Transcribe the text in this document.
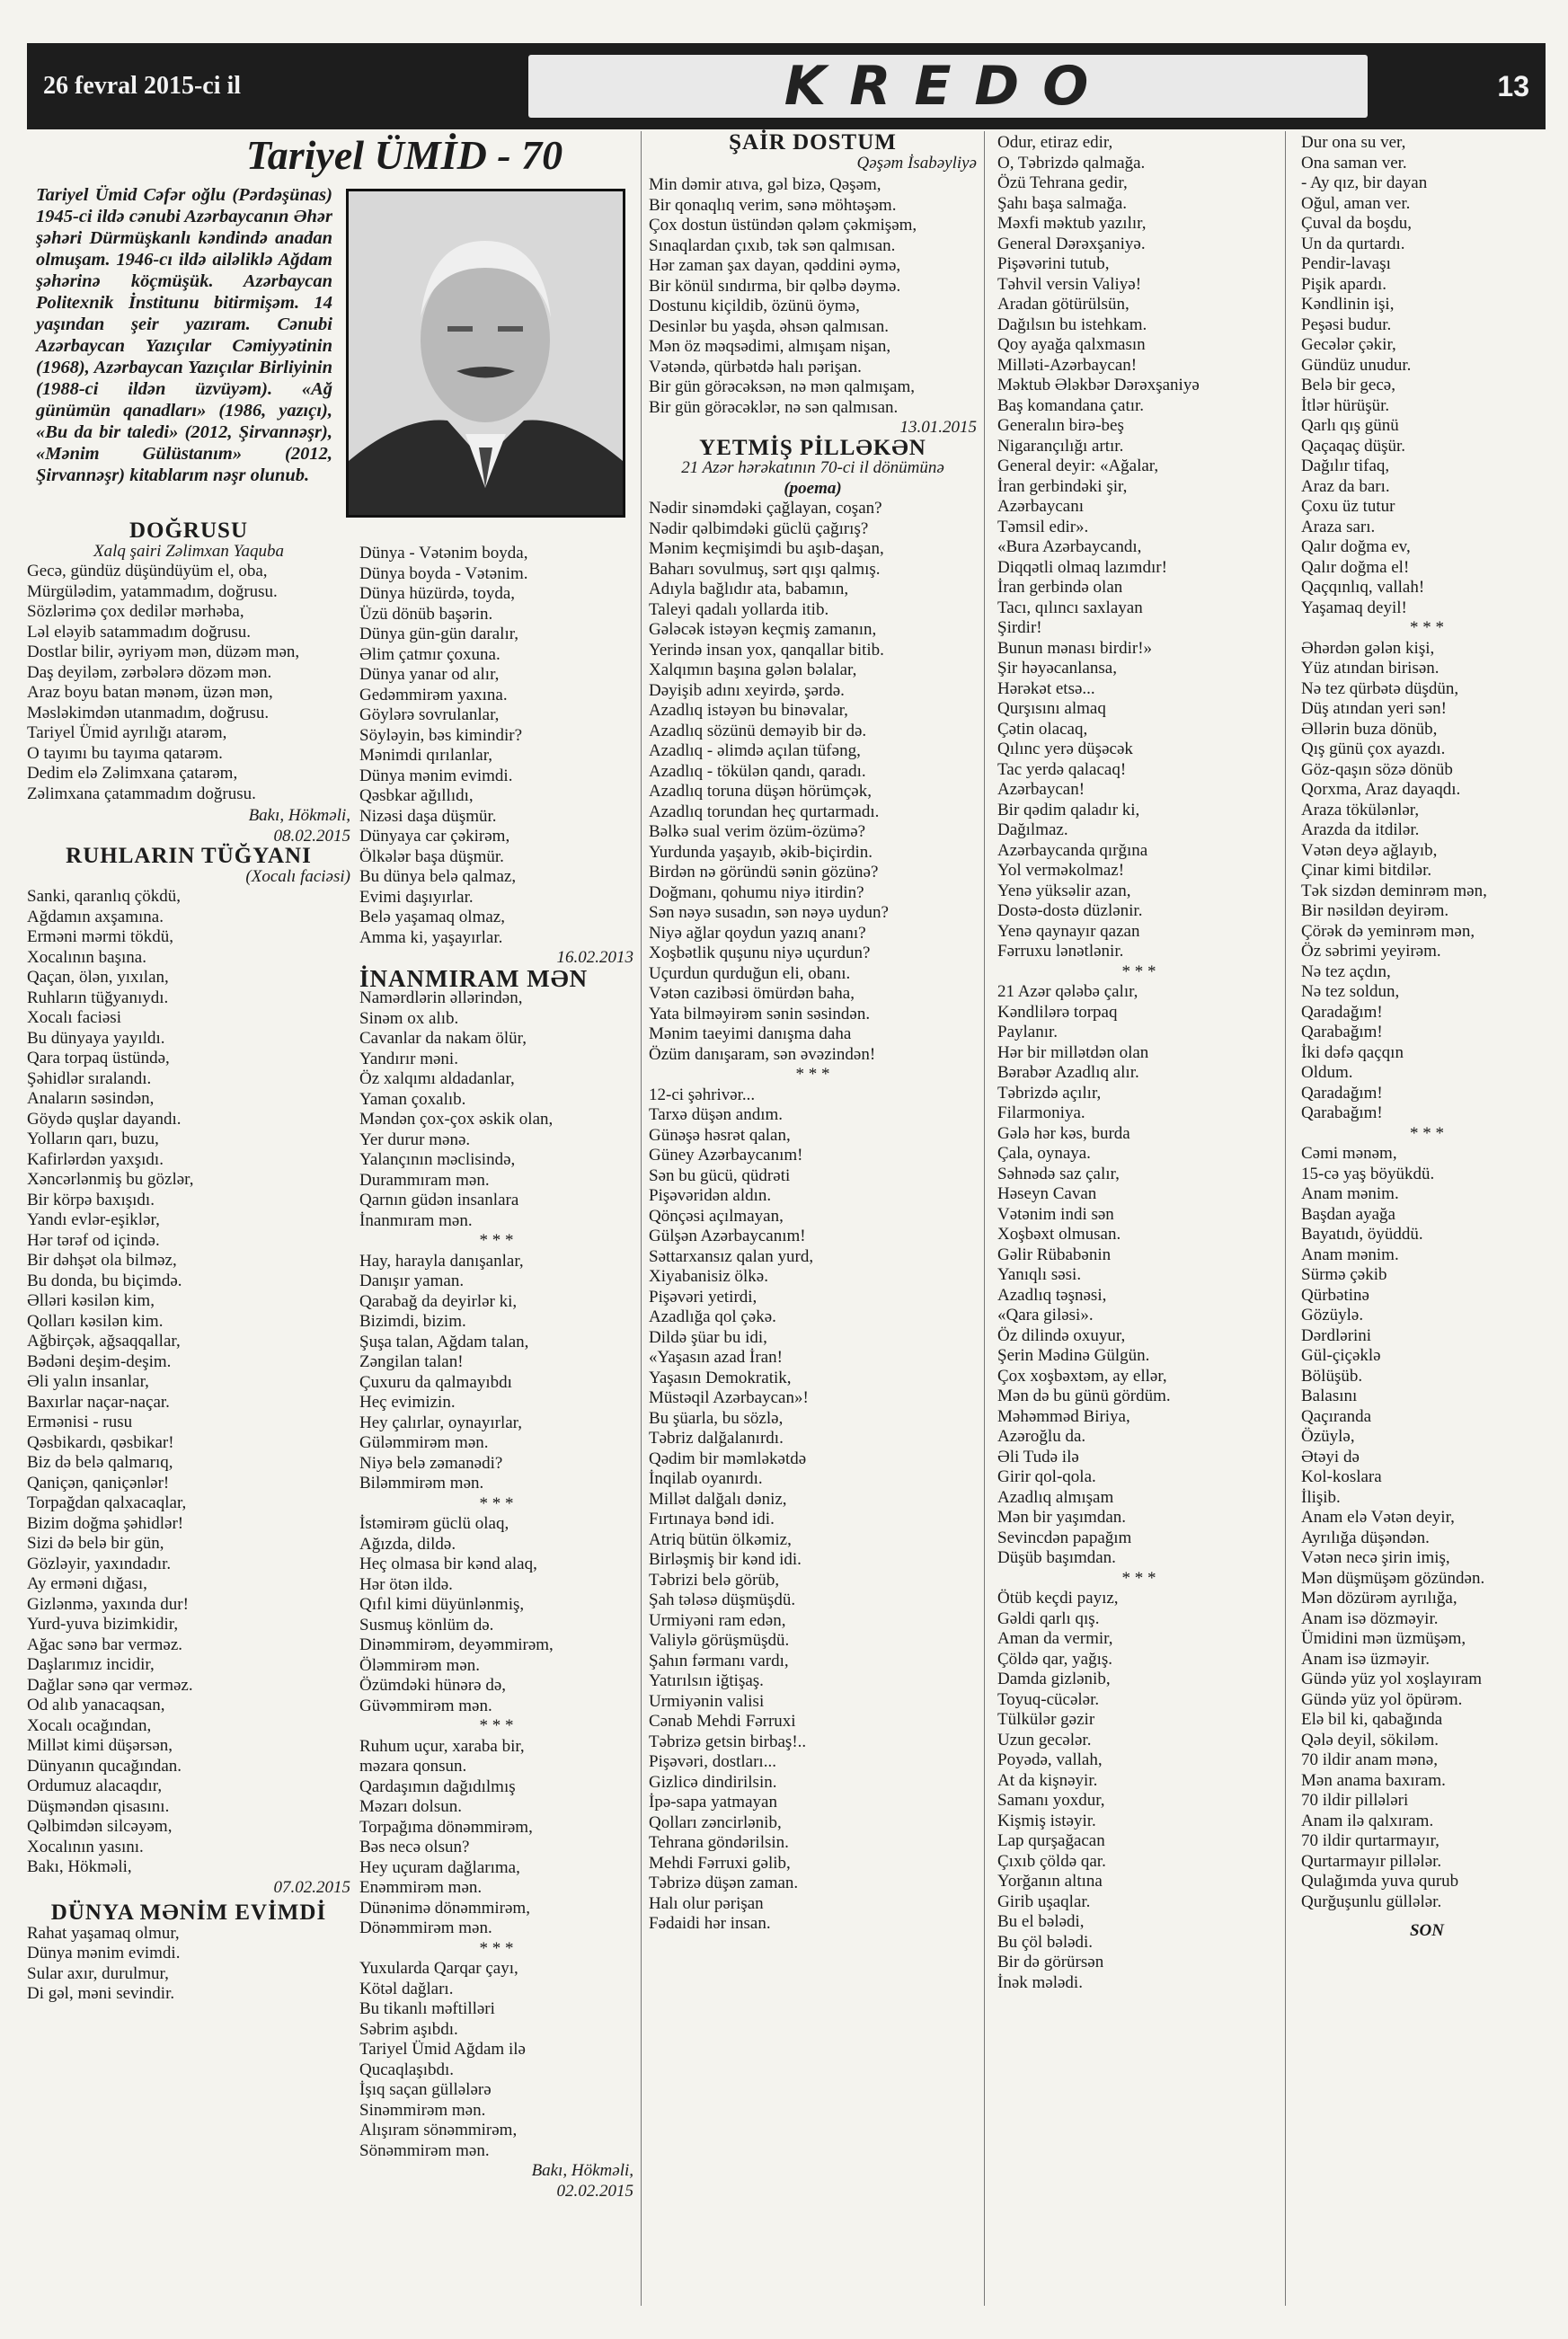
26 fevral 2015-ci il	KREDO	13
Tariyel ÜMİD - 70
Tariyel Ümid Cəfər oğlu (Pərdəşünas) 1945-ci ildə cənubi Azərbaycanın Əhər şəhəri Dürmüşkanlı kəndində anadan olmuşam. 1946-cı ildə ailəliklə Ağdam şəhərinə köçmüşük. Azərbaycan Politexnik İnstitunu bitirmişəm. 14 yaşından şeir yazıram. Cənubi Azərbaycan Yazıçılar Cəmiyyətinin (1968), Azərbaycan Yazıçılar Birliyinin (1988-ci ildən üzvüyəm). «Ağ günümün qanadları» (1986, yazıçı), «Bu da bir taledi» (2012, Şirvannəşr), «Mənim Gülüstanım» (2012, Şirvannəşr) kitablarım nəşr olunub.

DOĞRUSU

Xalq şairi Zəlimxan Yaquba

Gecə, gündüz düşündüyüm el, oba,
Mürgülədim, yatammadım, doğrusu.
Sözlərimə çox dedilər mərhəba,
Ləl eləyib satammadım doğrusu.

Dostlar bilir, əyriyəm mən, düzəm mən,
Daş deyiləm, zərbələrə dözəm mən.
Araz boyu batan mənəm, üzən mən,
Məsləkimdən utanmadım, doğrusu.

Tariyel Ümid ayrılığı atarəm,
O tayımı bu tayıma qatarəm.
Dedim elə Zəlimxana çatarəm,
Zəlimxana çatammadım doğrusu.

Bakı, Hökməli,
08.02.2015

RUHLARIN TÜĞYANI

(Xocalı faciəsi)

Sanki, qaranlıq çökdü,
Ağdamın axşamına.
Erməni mərmi tökdü,
Xocalının başına.

Qaçan, ölən, yıxılan,
Ruhların tüğyanıydı.
Xocalı faciəsi
Bu dünyaya yayıldı.

Qara torpaq üstündə,
Şəhidlər sıralandı.
Anaların səsindən,
Göydə quşlar dayandı.

Yolların qarı, buzu,
Kafirlərdən yaxşıdı.
Xəncərlənmiş bu gözlər,
Bir körpə baxışıdı.

Yandı evlər-eşiklər,
Hər tərəf od içində.
Bir dəhşət ola bilməz,
Bu donda, bu biçimdə.

Əlləri kəsilən kim,
Qolları kəsilən kim.
Ağbirçək, ağsaqqallar,
Bədəni deşim-deşim.

Əli yalın insanlar,
Baxırlar naçar-naçar.
Ermənisi - rusu
Qəsbikardı, qəsbikar!

Biz də belə qalmarıq,
Qaniçən, qaniçənlər!
Torpağdan qalxacaqlar,
Bizim doğma şəhidlər!

Sizi də belə bir gün,
Gözləyir, yaxındadır.
Ay erməni dığası,
Gizlənmə, yaxında dur!

Yurd-yuva bizimkidir,
Ağac sənə bar verməz.
Daşlarımız incidir,
Dağlar sənə qar verməz.

Od alıb yanacaqsan,
Xocalı ocağından,
Millət kimi düşərsən,
Dünyanın qucağından.

Ordumuz alacaqdır,
Düşməndən qisasını.
Qəlbimdən silcəyəm,
Xocalının yasını.
Bakı, Hökməli,

07.02.2015

DÜNYA MƏNİM EVİMDİ

Rahat yaşamaq olmur,
Dünya mənim evimdi.
Sular axır, durulmur,
Di gəl, məni sevindir.

Dünya - Vətənim boyda,
Dünya boyda - Vətənim.
Dünya hüzürdə, toyda,
Üzü dönüb başərin.

Dünya gün-gün daralır,
Əlim çatmır çoxuna.
Dünya yanar od alır,
Gedəmmirəm yaxına.

Göylərə sovrulanlar,
Söyləyin, bəs kimindir?
Mənimdi qırılanlar,
Dünya mənim evimdi.

Qəsbkar ağıllıdı,
Nizəsi daşa düşmür.
Dünyaya car çəkirəm,
Ölkələr başa düşmür.

Bu dünya belə qalmaz,
Evimi daşıyırlar.
Belə yaşamaq olmaz,
Amma ki, yaşayırlar.

16.02.2013

İNANMIRAM MƏN

Namərdlərin əllərindən,
Sinəm ox alıb.
Cavanlar da nakam ölür,
Yandırır məni.
Öz xalqımı aldadanlar,
Yaman çoxalıb.
Məndən çox-çox əskik olan,
Yer durur mənə.
Yalançının məclisində,
Durammıram mən.
Qarnın güdən insanlara
İnanmıram mən.

* * *

Hay, harayla danışanlar,
Danışır yaman.
Qarabağ da deyirlər ki,
Bizimdi, bizim.
Şuşa talan, Ağdam talan,
Zəngilan talan!
Çuxuru da qalmayıbdı
Heç evimizin.
Hey çalırlar, oynayırlar,
Güləmmirəm mən.
Niyə belə zəmanədi?
Biləmmirəm mən.

* * *

İstəmirəm güclü olaq,
Ağızda, dildə.
Heç olmasa bir kənd alaq,
Hər ötən ildə.
Qıfıl kimi düyünlənmiş,
Susmuş könlüm də.
Dinəmmirəm, deyəmmirəm,
Öləmmirəm mən.
Özümdəki hünərə də,
Güvəmmirəm mən.

* * *

Ruhum uçur, xaraba bir,
məzara qonsun.
Qardaşımın dağıdılmış
Məzarı dolsun.
Torpağıma dönəmmirəm,
Bəs necə olsun?
Hey uçuram dağlarıma,
Enəmmirəm mən.
Dünənimə dönəmmirəm,
Dönəmmirəm mən.

* * *

Yuxularda Qarqar çayı,
Kötəl dağları.
Bu tikanlı məftilləri
Səbrim aşıbdı.
Tariyel Ümid Ağdam ilə
Qucaqlaşıbdı.
İşıq saçan güllələrə
Sinəmmirəm mən.
Alışıram sönəmmirəm,
Sönəmmirəm mən.

Bakı, Hökməli,
02.02.2015

ŞAİR DOSTUM

Qəşəm İsabəyliyə

Min dəmir atıva, gəl bizə, Qəşəm,
Bir qonaqlıq verim, sənə möhtəşəm.
Çox dostun üstündən qələm çəkmişəm,
Sınaqlardan çıxıb, tək sən qalmısan.

Hər zaman şax dayan, qəddini əymə,
Bir könül sındırma, bir qəlbə dəymə.
Dostunu kiçildib, özünü öymə,
Desinlər bu yaşda, əhsən qalmısan.

Mən öz məqsədimi, almışam nişan,
Vətəndə, qürbətdə halı pərişan.
Bir gün görəcəksən, nə mən qalmışam,
Bir gün görəcəklər, nə sən qalmısan.

13.01.2015

YETMİŞ PİLLƏKƏN

21 Azər hərəkatının 70-ci il dönümünə

(poema)

Nədir sinəmdəki çağlayan, coşan?
Nədir qəlbimdəki güclü çağırış?
Mənim keçmişimdi bu aşıb-daşan,
Baharı sovulmuş, sərt qışı qalmış.

Adıyla bağlıdır ata, babamın,
Taleyi qadalı yollarda itib.
Gələcək istəyən keçmiş zamanın,
Yerində insan yox, qanqallar bitib.

Xalqımın başına gələn bəlalar,
Dəyişib adını xeyirdə, şərdə.
Azadlıq istəyən bu binəvalar,
Azadlıq sözünü deməyib bir də.

Azadlıq - əlimdə açılan tüfəng,
Azadlıq - tökülən qandı, qaradı.
Azadlıq toruna düşən hörümçək,
Azadlıq torundan heç qurtarmadı.

Bəlkə sual verim özüm-özümə?
Yurdunda yaşayıb, əkib-biçirdin.
Birdən nə göründü sənin gözünə?
Doğmanı, qohumu niyə itirdin?

Sən nəyə susadın, sən nəyə uydun?
Niyə ağlar qoydun yazıq ananı?
Xoşbətlik quşunu niyə uçurdun?
Uçurdun qurduğun eli, obanı.

Vətən cazibəsi ömürdən baha,
Yata bilməyirəm sənin səsindən.
Mənim taeyimi danışma daha
Özüm danışaram, sən əvəzindən!

* * *

12-ci şəhrivər...
Tarxə düşən andım.
Günəşə həsrət qalan,
Güney Azərbaycanım!

Sən bu gücü, qüdrəti
Pişəvəridən aldın.
Qönçəsi açılmayan,
Gülşən Azərbaycanım!

Səttarxansız qalan yurd,
Xiyabanisiz ölkə.
Pişəvəri yetirdi,
Azadlığa qol çəkə.

Dildə şüar bu idi,
«Yaşasın azad İran!
Yaşasın Demokratik,
Müstəqil Azərbaycan»!

Bu şüarla, bu sözlə,
Təbriz dalğalanırdı.
Qədim bir məmləkətdə
İnqilab oyanırdı.

Millət dalğalı dəniz,
Fırtınaya bənd idi.
Atriq bütün ölkəmiz,
Birləşmiş bir kənd idi.

Təbrizi belə görüb,
Şah tələsə düşmüşdü.
Urmiyəni ram edən,
Valiylə görüşmüşdü.

Şahın fərmanı vardı,
Yatırılsın iğtişaş.
Urmiyənin valisi
Cənab Mehdi Fərruxi
Təbrizə getsin birbaş!..

Pişəvəri, dostları...
Gizlicə dindirilsin.
İpə-sapa yatmayan
Qolları zəncirlənib,
Tehrana göndərilsin.

Mehdi Fərruxi gəlib,
Təbrizə düşən zaman.
Halı olur pərişan
Fədaidi hər insan.

Odur, etiraz edir,
O, Təbrizdə qalmağa.
Özü Tehrana gedir,
Şahı başa salmağa.

Məxfi məktub yazılır,
General Dərəxşaniyə.
Pişəvərini tutub,
Təhvil versin Valiyə!

Aradan götürülsün,
Dağılsın bu istehkam.
Qoy ayağa qalxmasın
Milləti-Azərbaycan!

Məktub Ələkbər Dərəxşaniyə
Baş komandana çatır.
Generalın birə-beş
Nigarançılığı artır.

General deyir: «Ağalar,
İran gerbindəki şir,
Azərbaycanı
Təmsil edir».

«Bura Azərbaycandı,
Diqqətli olmaq lazımdır!
İran gerbində olan
Tacı, qılıncı saxlayan
Şirdir!
Bunun mənası birdir!»
Şir həyəcanlansa,
Hərəkət etsə...
Qurşısını almaq
Çətin olacaq,
Qılınc yerə düşəcək
Tac yerdə qalacaq!

Azərbaycan!
Bir qədim qaladır ki,
Dağılmaz.
Azərbaycanda qırğına
Yol verməkolmaz!

Yenə yüksəlir azan,
Dostə-dostə düzlənir.
Yenə qaynayır qazan
Fərruxu lənətlənir.

* * *

21 Azər qələbə çalır,
Kəndlilərə torpaq
Paylanır.
Hər bir millətdən olan
Bərabər Azadlıq alır.
Təbrizdə açılır,
Filarmoniya.
Gələ hər kəs, burda
Çala, oynaya.
Səhnədə saz çalır,
Həseyn Cavan
Vətənim indi sən
Xoşbəxt olmusan.

Gəlir Rübabənin
Yanıqlı səsi.
Azadlıq təşnəsi,
«Qara giləsi».

Öz dilində oxuyur,
Şerin Mədinə Gülgün.
Çox xoşbəxtəm, ay ellər,
Mən də bu günü gördüm.

Məhəmməd Biriya,
Azəroğlu da.
Əli Tudə ilə
Girir qol-qola.

Azadlıq almışam
Mən bir yaşımdan.
Sevincdən papağım
Düşüb başımdan.

* * *

Ötüb keçdi payız,
Gəldi qarlı qış.
Aman da vermir,
Çöldə qar, yağış.

Damda gizlənib,
Toyuq-cücələr.
Tülkülər gəzir
Uzun gecələr.

Poyədə, vallah,
At da kişnəyir.
Samanı yoxdur,
Kişmiş istəyir.

Lap qurşağacan
Çıxıb çöldə qar.
Yorğanın altına
Girib uşaqlar.

Bu el bələdi,
Bu çöl bələdi.
Bir də görürsən
İnək mələdi.

Dur ona su ver,
Ona saman ver.
- Ay qız, bir dayan
Oğul, aman ver.

Çuval da boşdu,
Un da qurtardı.
Pendir-lavaşı
Pişik apardı.

Kəndlinin işi,
Peşəsi budur.
Gecələr çəkir,
Gündüz unudur.

Belə bir gecə,
İtlər hürüşür.
Qarlı qış günü
Qaçaqaç düşür.

Dağılır tifaq,
Araz da barı.
Çoxu üz tutur
Araza sarı.

Qalır doğma ev,
Qalır doğma el!
Qaçqınlıq, vallah!
Yaşamaq deyil!

* * *

Əhərdən gələn kişi,
Yüz atından birisən.
Nə tez qürbətə düşdün,
Düş atından yeri sən!

Əllərin buza dönüb,
Qış günü çox ayazdı.
Göz-qaşın sözə dönüb
Qorxma, Araz dayaqdı.

Araza tökülənlər,
Arazda da itdilər.
Vətən deyə ağlayıb,
Çinar kimi bitdilər.

Tək sizdən deminrəm mən,
Bir nəsildən deyirəm.
Çörək də yeminrəm mən,
Öz səbrimi yeyirəm.

Nə tez açdın,
Nə tez soldun,
Qaradağım!
Qarabağım!
İki dəfə qaçqın
Oldum.
Qaradağım!
Qarabağım!

* * *

Cəmi mənəm,
15-cə yaş böyükdü.
Anam mənim.
Başdan ayağa
Bayatıdı, öyüddü.
Anam mənim.

Sürmə çəkib
Qürbətinə
Gözüylə.
Dərdlərini
Gül-çiçəklə
Bölüşüb.
Balasını
Qaçıranda
Özüylə,
Ətəyi də
Kol-koslara
İlişib.
Anam elə Vətən deyir,
Ayrılığa düşəndən.
Vətən necə şirin imiş,
Mən düşmüşəm gözündən.

Mən dözürəm ayrılığa,
Anam isə dözməyir.
Ümidini mən üzmüşəm,
Anam isə üzməyir.

Gündə yüz yol xoşlayıram
Gündə yüz yol öpürəm.
Elə bil ki, qabağında
Qələ deyil, sökiləm.

70 ildir anam mənə,
Mən anama baxıram.
70 ildir pillələri
Anam ilə qalxıram.

70 ildir qurtarmayır,
Qurtarmayır pillələr.
Qulağımda yuva qurub
Qurğuşunlu güllələr.

SON
